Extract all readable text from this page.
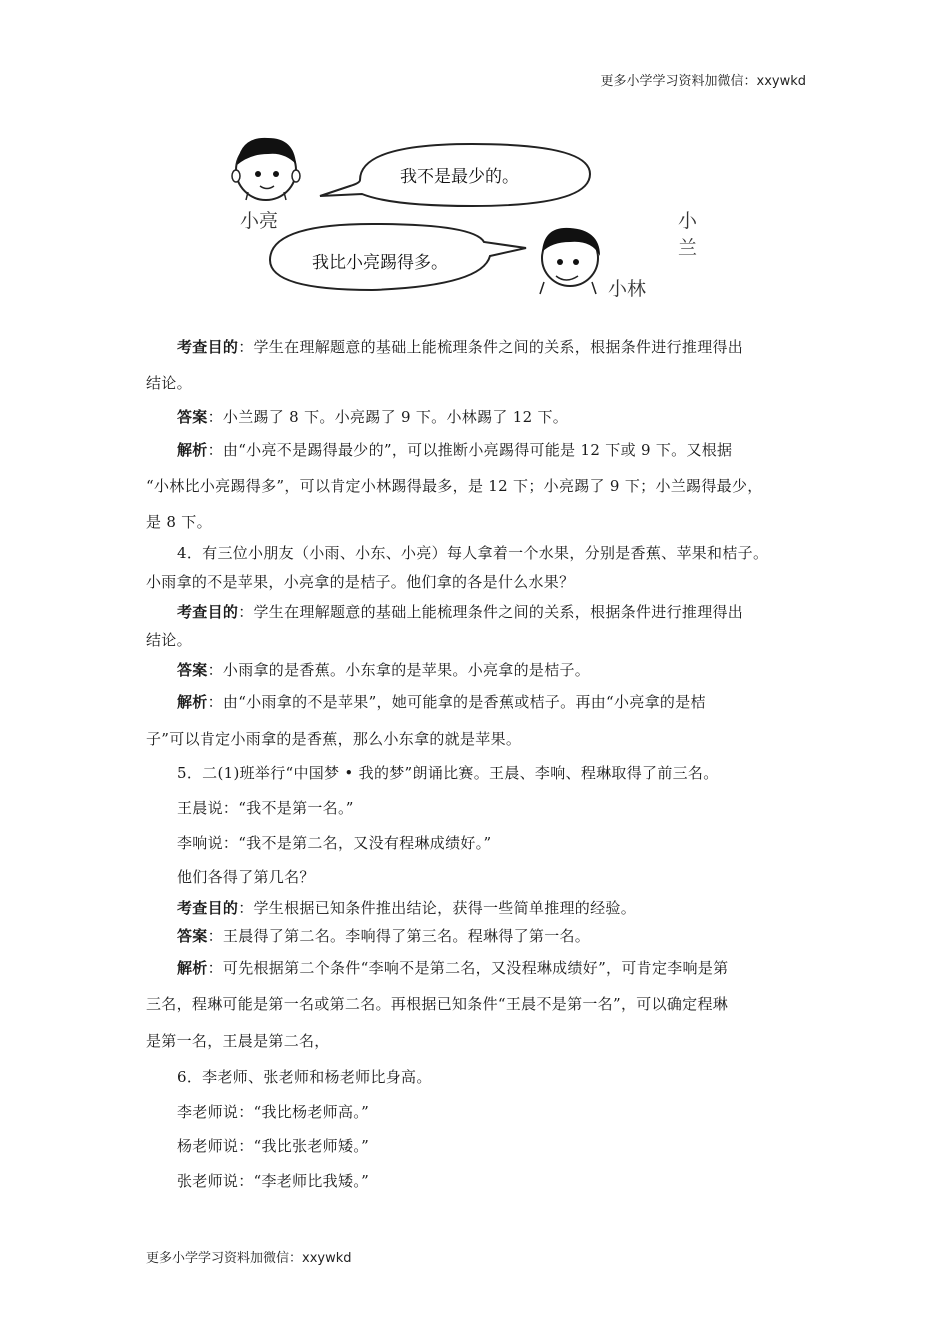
更多小学学习资料加微信：xxywkd
小亮	小兰
小林
我不是最少的。
我比小亮踢得多。
考查目的：学生在理解题意的基础上能梳理条件之间的关系，根据条件进行推理得出
结论。
答案：小兰踢了 8 下。小亮踢了 9 下。小林踢了 12 下。
解析：由“小亮不是踢得最少的”，可以推断小亮踢得可能是 12 下或 9 下。又根据
“小林比小亮踢得多”，可以肯定小林踢得最多，是 12 下；小亮踢了 9 下；小兰踢得最少，
是 8 下。
4．有三位小朋友（小雨、小东、小亮）每人拿着一个水果，分别是香蕉、苹果和桔子。
小雨拿的不是苹果，小亮拿的是桔子。他们拿的各是什么水果？
考查目的：学生在理解题意的基础上能梳理条件之间的关系，根据条件进行推理得出
结论。
答案：小雨拿的是香蕉。小东拿的是苹果。小亮拿的是桔子。
解析：由“小雨拿的不是苹果”，她可能拿的是香蕉或桔子。再由“小亮拿的是桔
子”可以肯定小雨拿的是香蕉，那么小东拿的就是苹果。
5．二(1)班举行“中国梦 • 我的梦”朗诵比赛。王晨、李响、程琳取得了前三名。
王晨说：“我不是第一名。”
李响说：“我不是第二名，又没有程琳成绩好。”
他们各得了第几名？
考查目的：学生根据已知条件推出结论，获得一些简单推理的经验。
答案：王晨得了第二名。李响得了第三名。程琳得了第一名。
解析：可先根据第二个条件“李响不是第二名，又没程琳成绩好”，可肯定李响是第
三名，程琳可能是第一名或第二名。再根据已知条件“王晨不是第一名”，可以确定程琳
是第一名，王晨是第二名，
6．李老师、张老师和杨老师比身高。
李老师说：“我比杨老师高。”
杨老师说：“我比张老师矮。”
张老师说：“李老师比我矮。”
更多小学学习资料加微信：xxywkd
